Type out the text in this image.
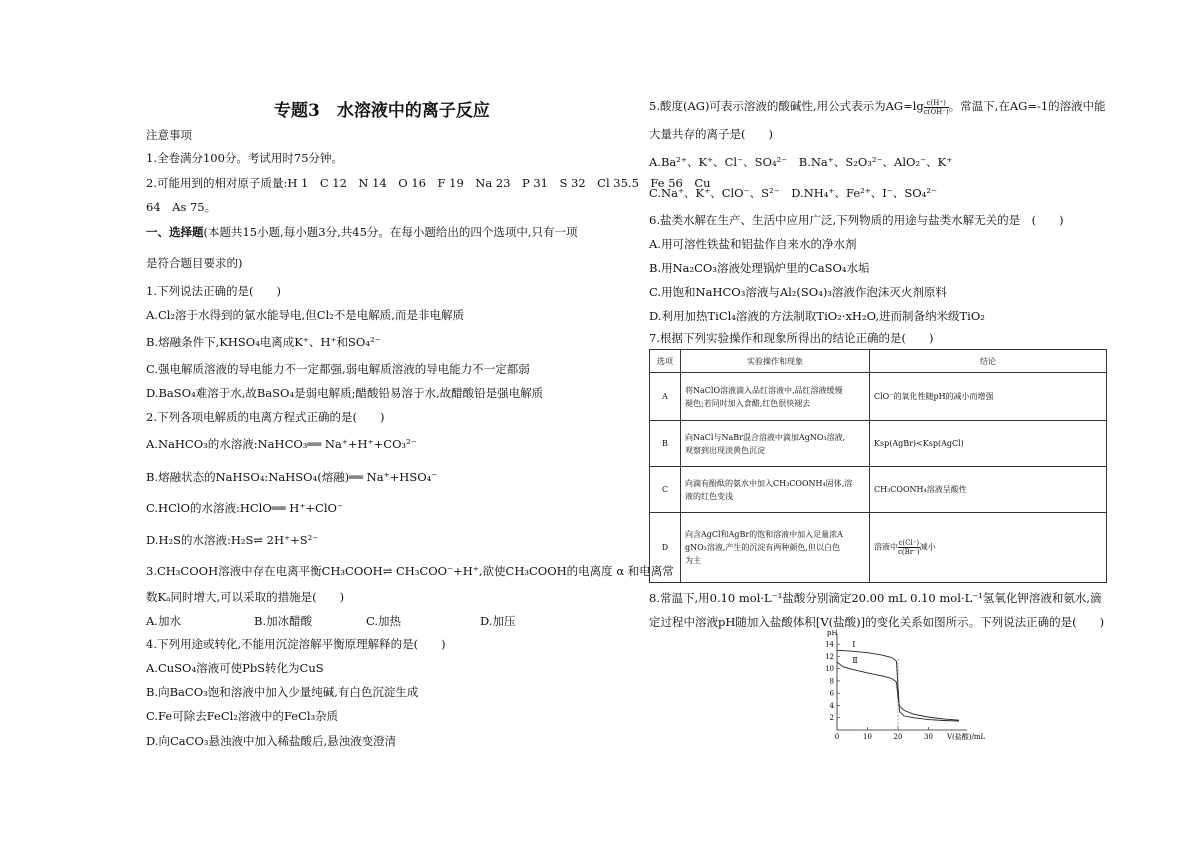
专题3　水溶液中的离子反应
注意事项
1.全卷满分100分。考试用时75分钟。
2.可能用到的相对原子质量:H 1　C 12　N 14　O 16　F 19　Na 23　P 31　S 32　Cl 35.5　Fe 56　Cu
64　As 75。
一、选择题(本题共15小题,每小题3分,共45分。在每小题给出的四个选项中,只有一项
是符合题目要求的)
1.下列说法正确的是(　　)
A.Cl₂溶于水得到的氯水能导电,但Cl₂不是电解质,而是非电解质
B.熔融条件下,KHSO₄电离成K⁺、H⁺和SO₄²⁻
C.强电解质溶液的导电能力不一定都强,弱电解质溶液的导电能力不一定都弱
D.BaSO₄难溶于水,故BaSO₄是弱电解质;醋酸铅易溶于水,故醋酸铅是强电解质
2.下列各项电解质的电离方程式正确的是(　　)
A.NaHCO₃的水溶液:NaHCO₃══ Na⁺+H⁺+CO₃²⁻
B.熔融状态的NaHSO₄:NaHSO₄(熔融)══ Na⁺+HSO₄⁻
C.HClO的水溶液:HClO══ H⁺+ClO⁻
D.H₂S的水溶液:H₂S⇌ 2H⁺+S²⁻
3.CH₃COOH溶液中存在电离平衡CH₃COOH⇌ CH₃COO⁻+H⁺,欲使CH₃COOH的电离度 α 和电离常
数Kₐ同时增大,可以采取的措施是(　　)
A.加水	B.加冰醋酸	C.加热	D.加压
4.下列用途或转化,不能用沉淀溶解平衡原理解释的是(　　)
A.CuSO₄溶液可使PbS转化为CuS
B.向BaCO₃饱和溶液中加入少量纯碱,有白色沉淀生成
C.Fe可除去FeCl₂溶液中的FeCl₃杂质
D.向CaCO₃悬浊液中加入稀盐酸后,悬浊液变澄清
5.酸度(AG)可表示溶液的酸碱性,用公式表示为$AG=\lg \frac{c(H^+)}{c(OH^-)}$ 。常温下,在AG=-1的溶液中能
大量共存的离子是(　　)
A.Ba²⁺、K⁺、Cl⁻、SO₄²⁻　B.Na⁺、S₂O₃²⁻、AlO₂⁻、K⁺
C.Na⁺、K⁺、ClO⁻、S²⁻　D.NH₄⁺、Fe²⁺、I⁻、SO₄²⁻
6.盐类水解在生产、生活中应用广泛,下列物质的用途与盐类水解无关的是　(　　)
A.用可溶性铁盐和铝盐作自来水的净水剂
B.用Na₂CO₃溶液处理锅炉里的CaSO₄水垢
C.用饱和NaHCO₃溶液与Al₂(SO₄)₃溶液作泡沫灭火剂原料
D.利用加热TiCl₄溶液的方法制取TiO₂·xH₂O,进而制备纳米级TiO₂
7.根据下列实验操作和现象所得出的结论正确的是(　　)
选项	实验操作和现象	结论
A	将NaClO溶液滴入品红溶液中,品红溶液缓慢
褪色;若同时加入食醋,红色很快褪去	ClO⁻的氧化性随pH的减小而增强
B	向NaCl与NaBr混合溶液中滴加AgNO₃溶液,
观察到出现淡黄色沉淀	Ksp(AgBr)<Ksp(AgCl)
C	向滴有酚酞的氨水中加入CH₃COONH₄固体,溶
液的红色变浅	CH₃COONH₄溶液呈酸性
D	向含AgCl和AgBr的饱和溶液中加入足量浓A
gNO₃溶液,产生的沉淀有两种颜色,但以白色
为主	溶液中 $\frac{c(Cl^-)}{c(Br^-)}$ 减小
8.常温下,用0.10 mol·L⁻¹盐酸分别滴定20.00 mL 0.10 mol·L⁻¹氢氧化钾溶液和氨水,滴
定过程中溶液pH随加入盐酸体积[V(盐酸)]的变化关系如图所示。下列说法正确的是(　　)
2
4
6
8
10
12
14
0	10	20	30
pH
V(盐酸)/mL
Ⅰ
Ⅱ
